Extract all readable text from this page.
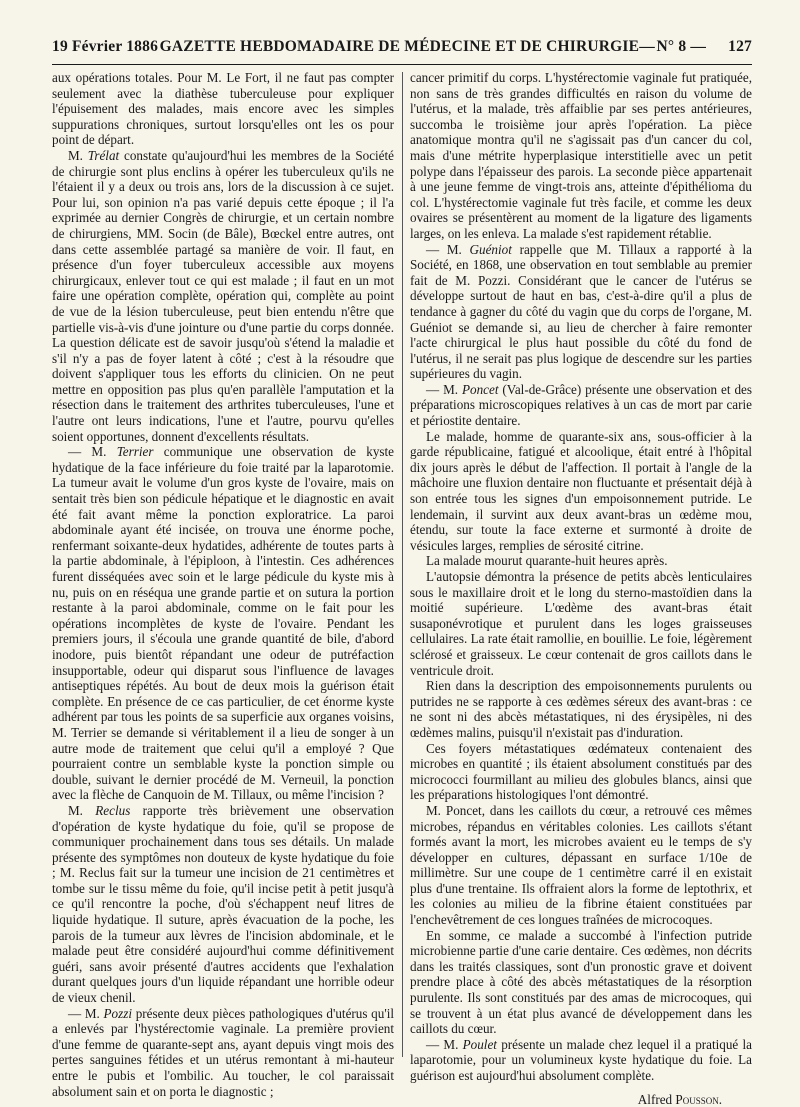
19 Février 1886 GAZETTE HEBDOMADAIRE DE MÉDECINE ET DE CHIRURGIE— N° 8 — 127

aux opérations totales. Pour M. Le Fort, il ne faut pas compter seulement avec la diathèse tuberculeuse pour expliquer l'épuisement des malades, mais encore avec les simples suppurations chroniques, surtout lorsqu'elles ont les os pour point de départ.

M. Trélat constate qu'aujourd'hui les membres de la Société de chirurgie sont plus enclins à opérer les tuberculeux qu'ils ne l'étaient il y a deux ou trois ans, lors de la discussion à ce sujet. Pour lui, son opinion n'a pas varié depuis cette époque ; il l'a exprimée au dernier Congrès de chirurgie, et un certain nombre de chirurgiens, MM. Socin (de Bâle), Bœckel entre autres, ont dans cette assemblée partagé sa manière de voir. Il faut, en présence d'un foyer tuberculeux accessible aux moyens chirurgicaux, enlever tout ce qui est malade ; il faut en un mot faire une opération complète, opération qui, complète au point de vue de la lésion tuberculeuse, peut bien entendu n'être que partielle vis-à-vis d'une jointure ou d'une partie du corps donnée. La question délicate est de savoir jusqu'où s'étend la maladie et s'il n'y a pas de foyer latent à côté ; c'est à la résoudre que doivent s'appliquer tous les efforts du clinicien. On ne peut mettre en opposition pas plus qu'en parallèle l'amputation et la résection dans le traitement des arthrites tuberculeuses, l'une et l'autre ont leurs indications, l'une et l'autre, pourvu qu'elles soient opportunes, donnent d'excellents résultats.

— M. Terrier communique une observation de kyste hydatique de la face inférieure du foie traité par la laparotomie. La tumeur avait le volume d'un gros kyste de l'ovaire, mais on sentait très bien son pédicule hépatique et le diagnostic en avait été fait avant même la ponction exploratrice. La paroi abdominale ayant été incisée, on trouva une énorme poche, renfermant soixante-deux hydatides, adhérente de toutes parts à la partie abdominale, à l'épiploon, à l'intestin. Ces adhérences furent disséquées avec soin et le large pédicule du kyste mis à nu, puis on en réséqua une grande partie et on sutura la portion restante à la paroi abdominale, comme on le fait pour les opérations incomplètes de kyste de l'ovaire. Pendant les premiers jours, il s'écoula une grande quantité de bile, d'abord inodore, puis bientôt répandant une odeur de putréfaction insupportable, odeur qui disparut sous l'influence de lavages antiseptiques répétés. Au bout de deux mois la guérison était complète. En présence de ce cas particulier, de cet énorme kyste adhérent par tous les points de sa superficie aux organes voisins, M. Terrier se demande si véritablement il a lieu de songer à un autre mode de traitement que celui qu'il a employé ? Que pourraient contre un semblable kyste la ponction simple ou double, suivant le dernier procédé de M. Verneuil, la ponction avec la flèche de Canquoin de M. Tillaux, ou même l'incision ?

M. Reclus rapporte très brièvement une observation d'opération de kyste hydatique du foie, qu'il se propose de communiquer prochainement dans tous ses détails. Un malade présente des symptômes non douteux de kyste hydatique du foie ; M. Reclus fait sur la tumeur une incision de 21 centimètres et tombe sur le tissu même du foie, qu'il incise petit à petit jusqu'à ce qu'il rencontre la poche, d'où s'échappent neuf litres de liquide hydatique. Il suture, après évacuation de la poche, les parois de la tumeur aux lèvres de l'incision abdominale, et le malade peut être considéré aujourd'hui comme définitivement guéri, sans avoir présenté d'autres accidents que l'exhalation durant quelques jours d'un liquide répandant une horrible odeur de vieux chenil.

— M. Pozzi présente deux pièces pathologiques d'utérus qu'il a enlevés par l'hystérectomie vaginale. La première provient d'une femme de quarante-sept ans, ayant depuis vingt mois des pertes sanguines fétides et un utérus remontant à mi-hauteur entre le pubis et l'ombilic. Au toucher, le col paraissait absolument sain et on porta le diagnostic ;

cancer primitif du corps. L'hystérectomie vaginale fut pratiquée, non sans de très grandes difficultés en raison du volume de l'utérus, et la malade, très affaiblie par ses pertes antérieures, succomba le troisième jour après l'opération. La pièce anatomique montra qu'il ne s'agissait pas d'un cancer du col, mais d'une métrite hyperplasique interstitielle avec un petit polype dans l'épaisseur des parois. La seconde pièce appartenait à une jeune femme de vingt-trois ans, atteinte d'épithélioma du col. L'hystérectomie vaginale fut très facile, et comme les deux ovaires se présentèrent au moment de la ligature des ligaments larges, on les enleva. La malade s'est rapidement rétablie.

— M. Guéniot rappelle que M. Tillaux a rapporté à la Société, en 1868, une observation en tout semblable au premier fait de M. Pozzi. Considérant que le cancer de l'utérus se développe surtout de haut en bas, c'est-à-dire qu'il a plus de tendance à gagner du côté du vagin que du corps de l'organe, M. Guéniot se demande si, au lieu de chercher à faire remonter l'acte chirurgical le plus haut possible du côté du fond de l'utérus, il ne serait pas plus logique de descendre sur les parties supérieures du vagin.

— M. Poncet (Val-de-Grâce) présente une observation et des préparations microscopiques relatives à un cas de mort par carie et périostite dentaire.

Le malade, homme de quarante-six ans, sous-officier à la garde républicaine, fatigué et alcoolique, était entré à l'hôpital dix jours après le début de l'affection. Il portait à l'angle de la mâchoire une fluxion dentaire non fluctuante et présentait déjà à son entrée tous les signes d'un empoisonnement putride. Le lendemain, il survint aux deux avant-bras un œdème mou, étendu, sur toute la face externe et surmonté à droite de vésicules larges, remplies de sérosité citrine.

La malade mourut quarante-huit heures après.

L'autopsie démontra la présence de petits abcès lenticulaires sous le maxillaire droit et le long du sterno-mastoïdien dans la moitié supérieure. L'œdème des avant-bras était susaponévrotique et purulent dans les loges graisseuses cellulaires. La rate était ramollie, en bouillie. Le foie, légèrement sclérosé et graisseux. Le cœur contenait de gros caillots dans le ventricule droit.

Rien dans la description des empoisonnements purulents ou putrides ne se rapporte à ces œdèmes séreux des avant-bras : ce ne sont ni des abcès métastatiques, ni des érysipèles, ni des œdèmes malins, puisqu'il n'existait pas d'induration.

Ces foyers métastatiques œdémateux contenaient des microbes en quantité ; ils étaient absolument constitués par des micrococci fourmillant au milieu des globules blancs, ainsi que les préparations histologiques l'ont démontré.

M. Poncet, dans les caillots du cœur, a retrouvé ces mêmes microbes, répandus en véritables colonies. Les caillots s'étant formés avant la mort, les microbes avaient eu le temps de s'y développer en cultures, dépassant en surface 1/10e de millimètre. Sur une coupe de 1 centimètre carré il en existait plus d'une trentaine. Ils offraient alors la forme de leptothrix, et les colonies au milieu de la fibrine étaient constituées par l'enchevêtrement de ces longues traînées de microcoques.

En somme, ce malade a succombé à l'infection putride microbienne partie d'une carie dentaire. Ces œdèmes, non décrits dans les traités classiques, sont d'un pronostic grave et doivent prendre place à côté des abcès métastatiques de la résorption purulente. Ils sont constitués par des amas de microcoques, qui se trouvent à un état plus avancé de développement dans les caillots du cœur.

— M. Poulet présente un malade chez lequel il a pratiqué la laparotomie, pour un volumineux kyste hydatique du foie. La guérison est aujourd'hui absolument complète.

Alfred Pousson.
